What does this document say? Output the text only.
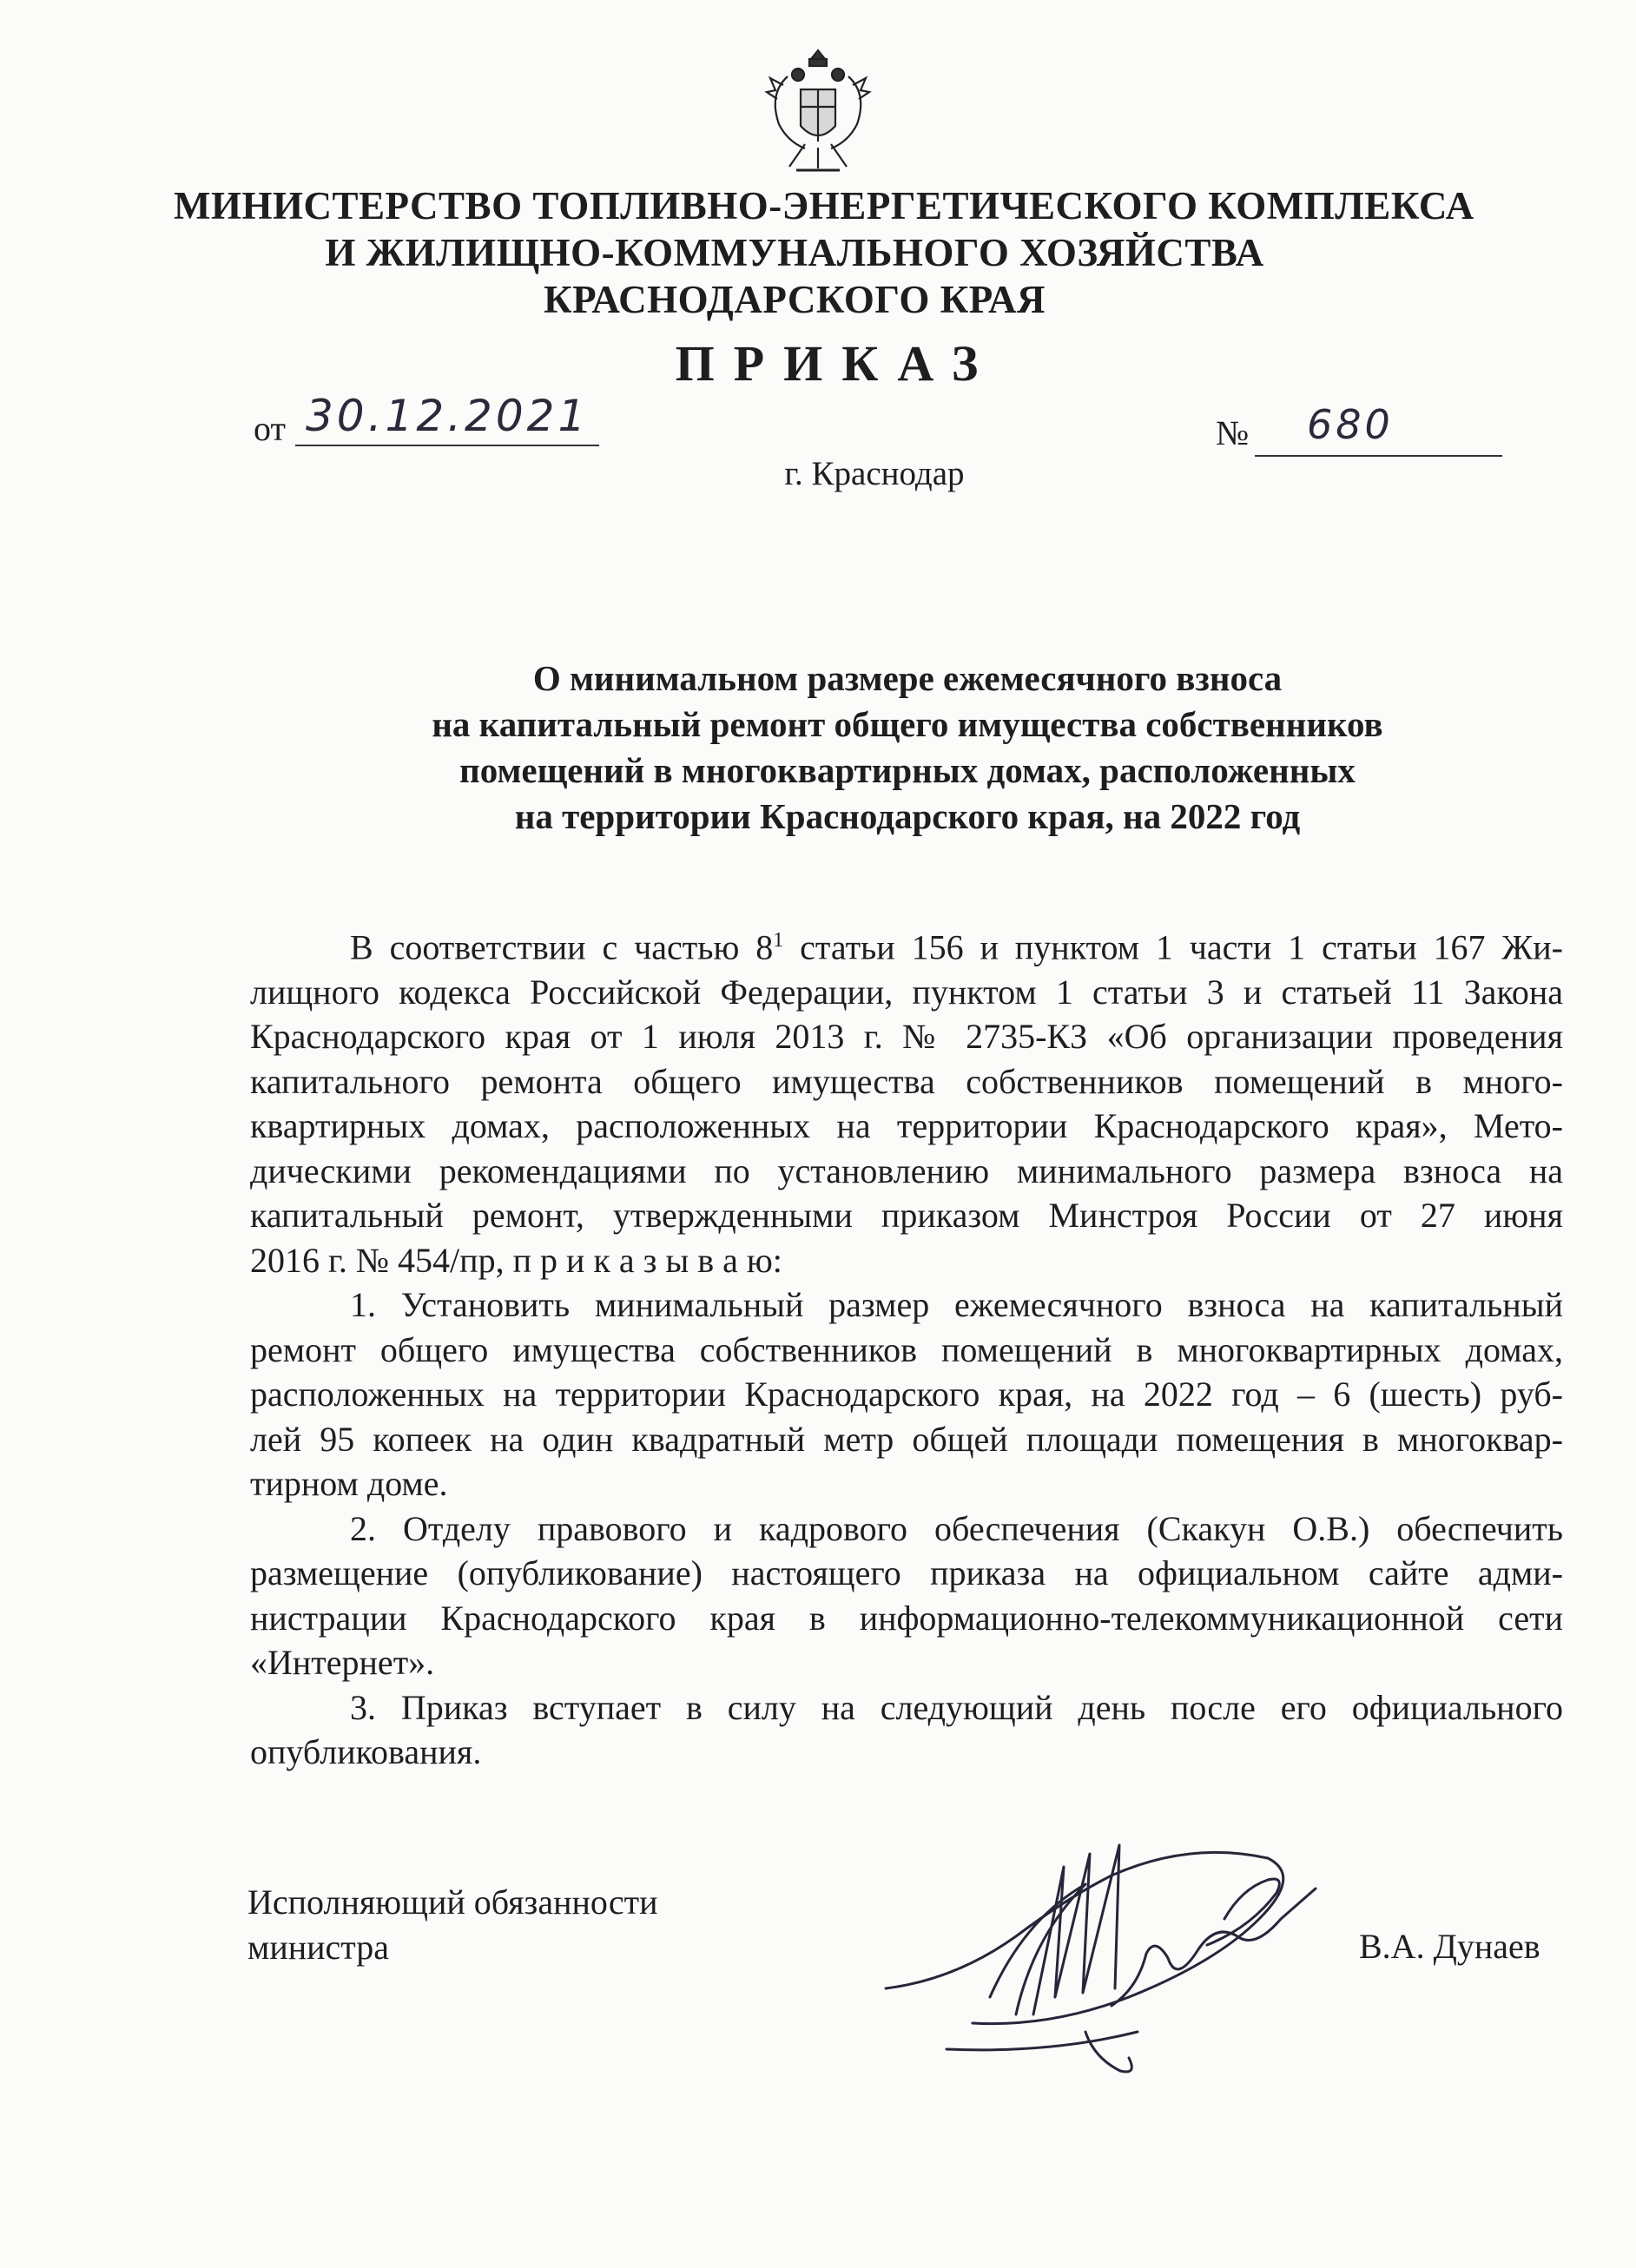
МИНИСТЕРСТВО ТОПЛИВНО-ЭНЕРГЕТИЧЕСКОГО КОМПЛЕКСА
И ЖИЛИЩНО-КОММУНАЛЬНОГО ХОЗЯЙСТВА
КРАСНОДАРСКОГО КРАЯ
ПРИКАЗ
от 30.12.2021	№	680
г. Краснодар
О минимальном размере ежемесячного взноса
на капитальный ремонт общего имущества собственников
помещений в многоквартирных домах, расположенных
на территории Краснодарского края, на 2022 год
В соответствии с частью $8^1$ статьи 156 и пунктом 1 части 1 статьи 167 Жи-
лищного кодекса Российской Федерации, пунктом 1 статьи 3 и статьей 11 Закона
Краснодарского края от 1 июля 2013 г. № 2735-КЗ «Об организации проведения
капитального ремонта общего имущества собственников помещений в много-
квартирных домах, расположенных на территории Краснодарского края», Мето-
дическими рекомендациями по установлению минимального размера взноса на
капитальный ремонт, утвержденными приказом Минстроя России от 27 июня
2016 г. № 454/пр, п р и к а з ы в а ю:
1. Установить минимальный размер ежемесячного взноса на капитальный
ремонт общего имущества собственников помещений в многоквартирных домах,
расположенных на территории Краснодарского края, на 2022 год – 6 (шесть) руб-
лей 95 копеек на один квадратный метр общей площади помещения в многоквар-
тирном доме.
2. Отделу правового и кадрового обеспечения (Скакун О.В.) обеспечить
размещение (опубликование) настоящего приказа на официальном сайте адми-
нистрации Краснодарского края в информационно-телекоммуникационной сети
«Интернет».
3. Приказ вступает в силу на следующий день после его официального
опубликования.
Исполняющий обязанности
министра	В.А. Дунаев
